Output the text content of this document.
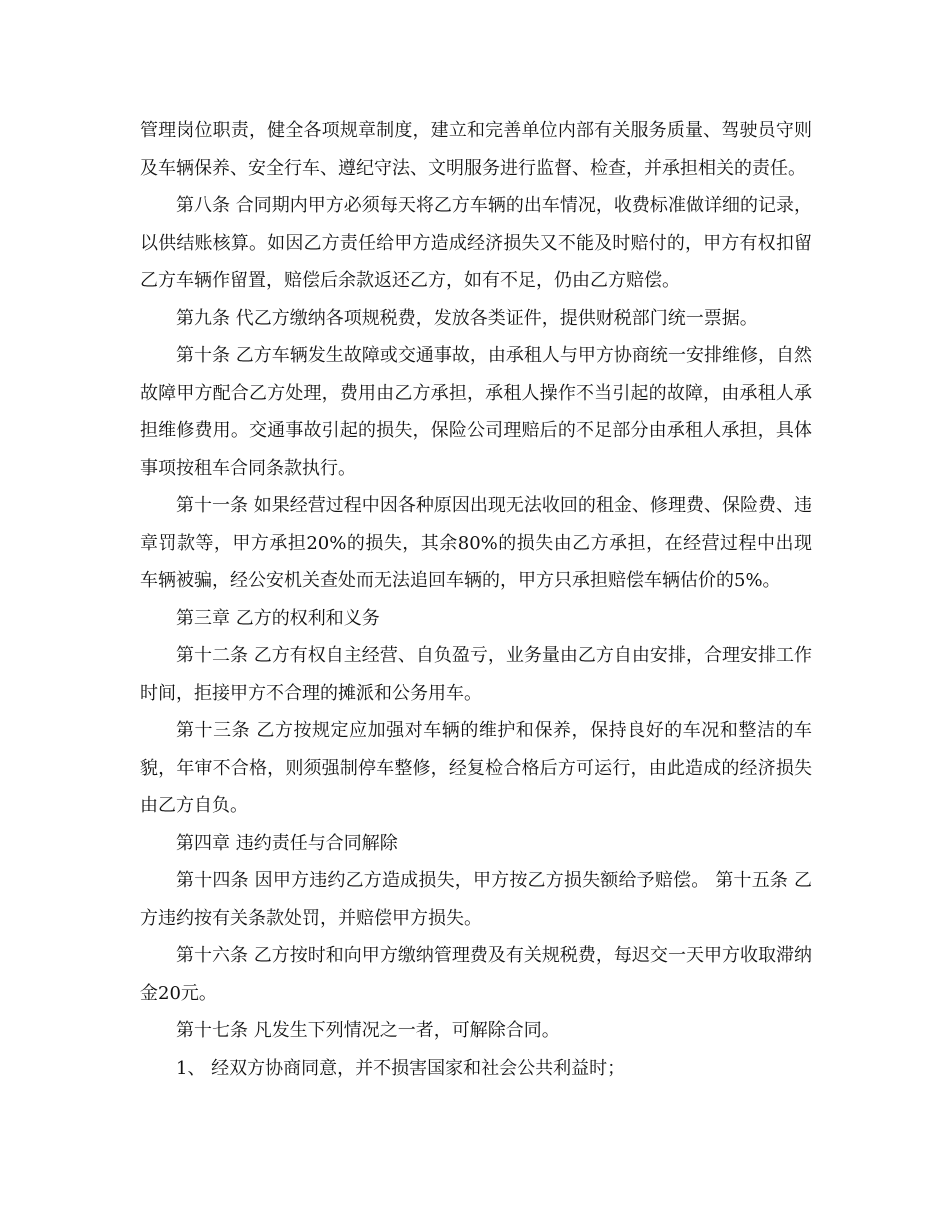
管理岗位职责，健全各项规章制度，建立和完善单位内部有关服务质量、驾驶员守则及车辆保养、安全行车、遵纪守法、文明服务进行监督、检查，并承担相关的责任。

第八条 合同期内甲方必须每天将乙方车辆的出车情况，收费标准做详细的记录，以供结账核算。如因乙方责任给甲方造成经济损失又不能及时赔付的，甲方有权扣留乙方车辆作留置，赔偿后余款返还乙方，如有不足，仍由乙方赔偿。

第九条 代乙方缴纳各项规税费，发放各类证件，提供财税部门统一票据。

第十条 乙方车辆发生故障或交通事故，由承租人与甲方协商统一安排维修，自然故障甲方配合乙方处理，费用由乙方承担，承租人操作不当引起的故障，由承租人承担维修费用。交通事故引起的损失，保险公司理赔后的不足部分由承租人承担，具体事项按租车合同条款执行。

第十一条 如果经营过程中因各种原因出现无法收回的租金、修理费、保险费、违章罚款等，甲方承担20%的损失，其余80%的损失由乙方承担，在经营过程中出现车辆被骗，经公安机关查处而无法追回车辆的，甲方只承担赔偿车辆估价的5%。

第三章 乙方的权利和义务

第十二条 乙方有权自主经营、自负盈亏，业务量由乙方自由安排，合理安排工作时间，拒接甲方不合理的摊派和公务用车。

第十三条 乙方按规定应加强对车辆的维护和保养，保持良好的车况和整洁的车貌，年审不合格，则须强制停车整修，经复检合格后方可运行，由此造成的经济损失由乙方自负。

第四章 违约责任与合同解除

第十四条 因甲方违约乙方造成损失，甲方按乙方损失额给予赔偿。 第十五条 乙方违约按有关条款处罚，并赔偿甲方损失。

第十六条 乙方按时和向甲方缴纳管理费及有关规税费，每迟交一天甲方收取滞纳金20元。

第十七条 凡发生下列情况之一者，可解除合同。

1、 经双方协商同意，并不损害国家和社会公共利益时；
